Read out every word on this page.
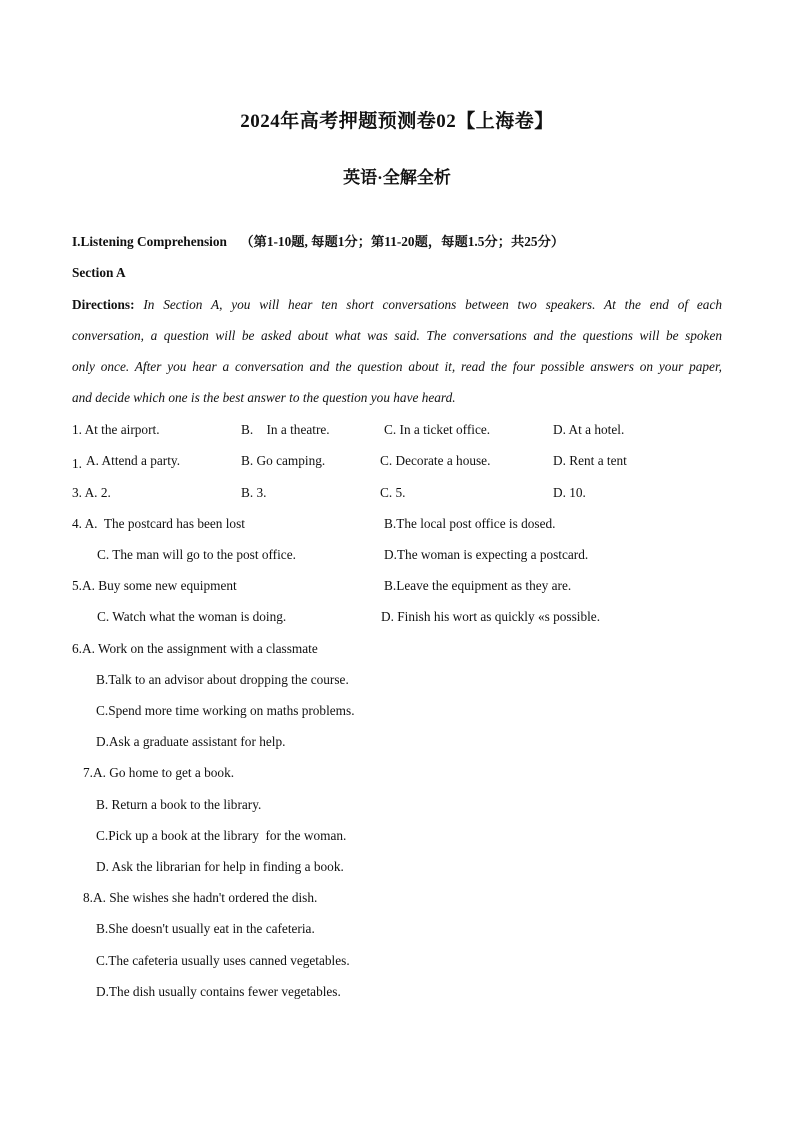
2024年高考押题预测卷02【上海卷】
英语·全解全析
I.Listening Comprehension （第1-10题, 每题1分；第11-20题，每题1.5分；共25分）
Section A
Directions: In Section A, you will hear ten short conversations between two speakers. At the end of each
conversation, a question will be asked about what was said. The conversations and the questions will be spoken
only once. After you hear a conversation and the question about it, read the four possible answers on your paper,
and decide which one is the best answer to the question you have heard.
1. At the airport.	B.    In a theatre.	C. In a ticket office.	D. At a hotel.
1. A. Attend a party.	B. Go camping.	C. Decorate a house.	D. Rent a tent
3. A. 2.	B. 3.	C. 5.	D. 10.
4. A.  The postcard has been lost	B.The local post office is dosed.
C. The man will go to the post office.	D.The woman is expecting a postcard.
5.A. Buy some new equipment	B.Leave the equipment as they are.
C. Watch what the woman is doing.	D. Finish his wort as quickly «s possible.
6.A. Work on the assignment with a classmate
B.Talk to an advisor about dropping the course.
C.Spend more time working on maths problems.
D.Ask a graduate assistant for help.
7.A. Go home to get a book.
B. Return a book to the library.
C.Pick up a book at the library  for the woman.
D. Ask the librarian for help in finding a book.
8.A. She wishes she hadn't ordered the dish.
B.She doesn't usually eat in the cafeteria.
C.The cafeteria usually uses canned vegetables.
D.The dish usually contains fewer vegetables.
